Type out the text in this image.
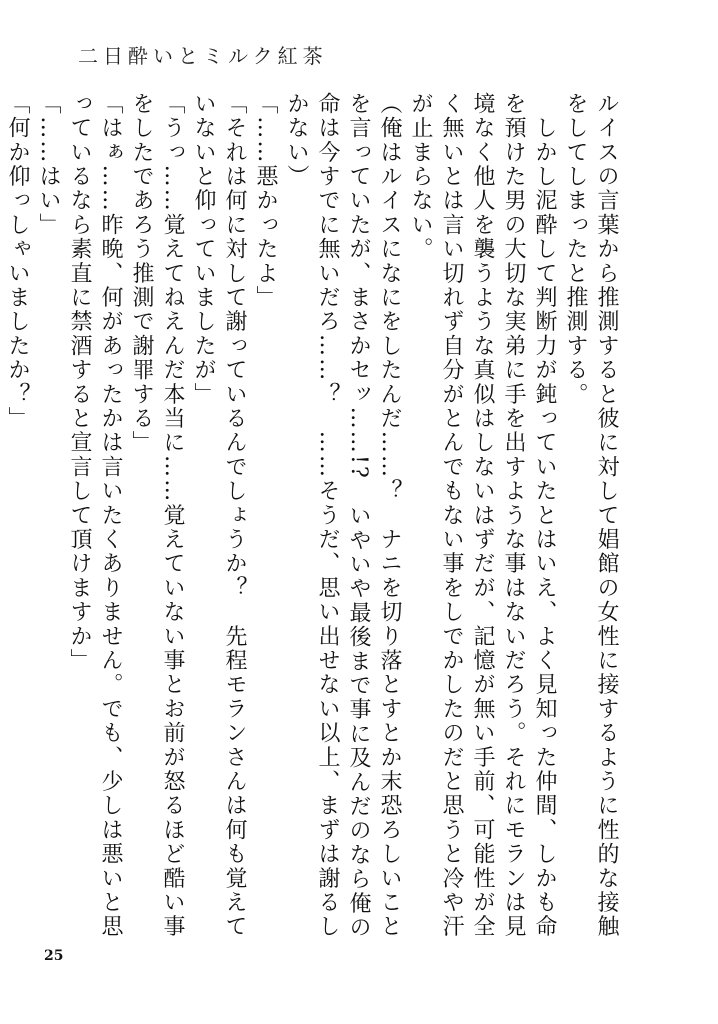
二日酔いとミルク紅茶

ルイスの言葉から推測すると彼に対して娼館の女性に接するように性的な接触をしてしまったと推測する。

　しかし泥酔して判断力が鈍っていたとはいえ、よく見知った仲間、しかも命を預けた男の大切な実弟に手を出すような事はないだろう。それにモランは見境なく他人を襲うような真似はしないはずだが、記憶が無い手前、可能性が全く無いとは言い切れず自分がとんでもない事をしでかしたのだと思うと冷や汗が止まらない。

（俺はルイスになにをしたんだ……？　ナニを切り落とすとか末恐ろしいことを言っていたが、まさかセッ……!?　いやいや最後まで事に及んだのなら俺の命は今すでに無いだろ……？　……そうだ、思い出せない以上、まずは謝るしかない）

「……悪かったよ」

「それは何に対して謝っているんでしょうか？　先程モランさんは何も覚えていないと仰っていましたが」

「うっ……覚えてねえんだ本当に……覚えていない事とお前が怒るほど酷い事をしたであろう推測で謝罪する」

「はぁ……昨晩、何があったかは言いたくありません。でも、少しは悪いと思っているなら素直に禁酒すると宣言して頂けますか」

「……はい」

「何か仰っしゃいましたか？」

25
